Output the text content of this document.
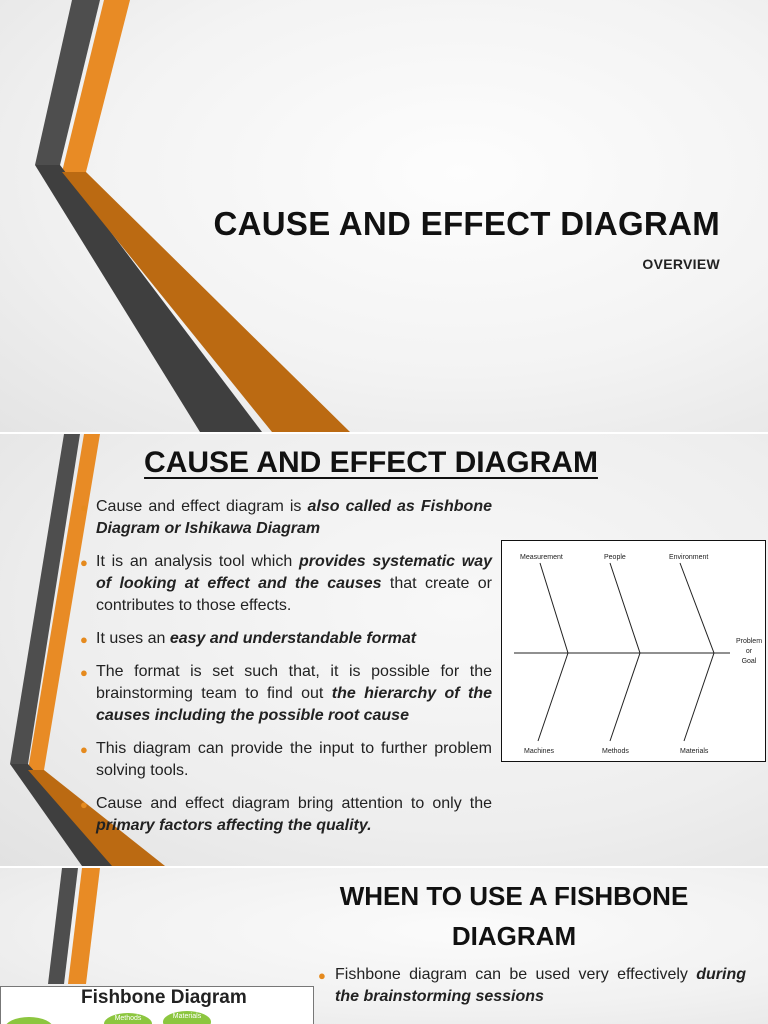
CAUSE AND EFFECT DIAGRAM
OVERVIEW
CAUSE AND EFFECT DIAGRAM
● Cause and effect diagram is also called as Fishbone Diagram or Ishikawa Diagram
● It is an analysis tool which provides systematic way of looking at effect and the causes that create or contributes to those effects.
● It uses an easy and understandable format
● The format is set such that, it is possible for the brainstorming team to find out the hierarchy of the causes including the possible root cause
● This diagram can provide the input to further problem solving tools.
● Cause and effect diagram bring attention to only the primary factors affecting the quality.
Measurement	People	Environment
Machines	Methods	Materials
Problem
or
Goal
WHEN TO USE A FISHBONE DIAGRAM
● Fishbone diagram can be used very effectively during the brainstorming sessions
Fishbone Diagram
Methods	Materials
